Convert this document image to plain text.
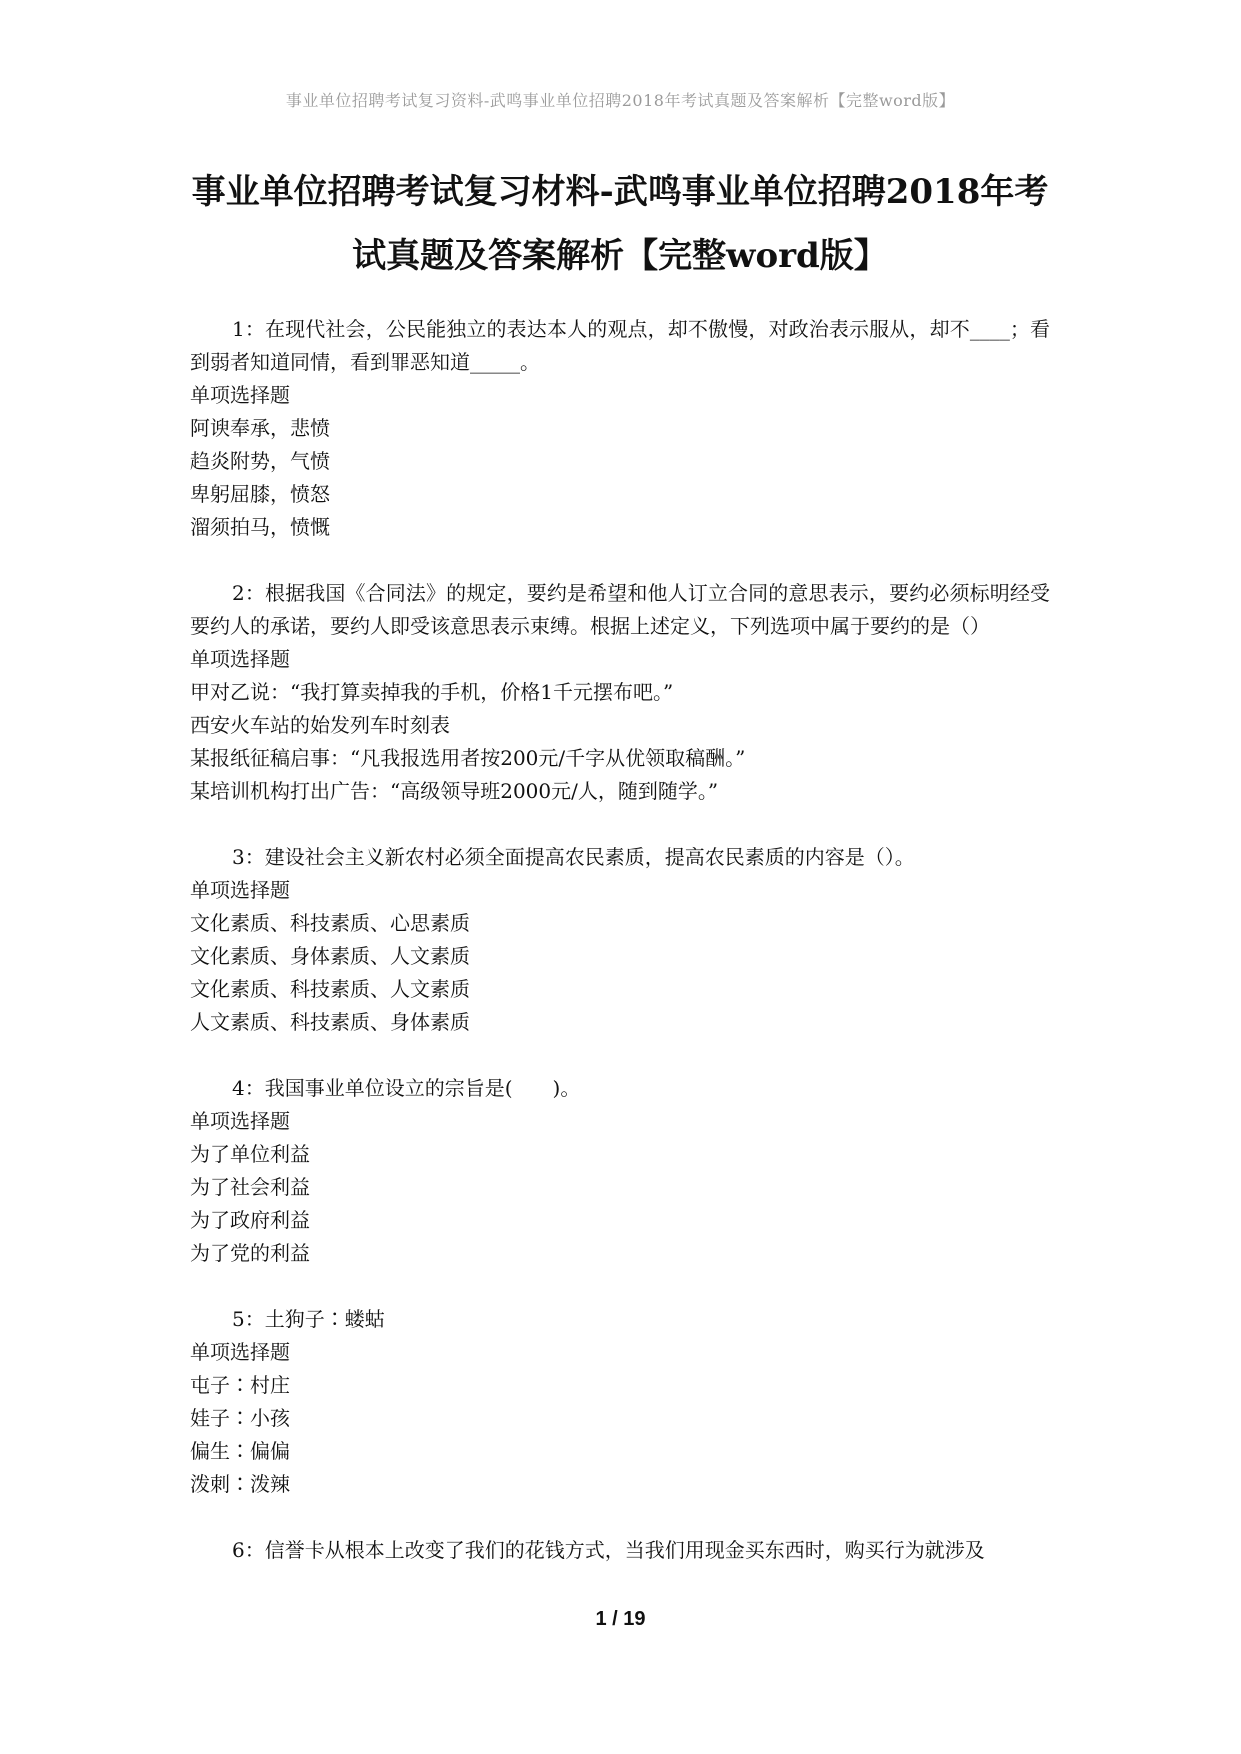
事业单位招聘考试复习资料-武鸣事业单位招聘2018年考试真题及答案解析【完整word版】
事业单位招聘考试复习材料-武鸣事业单位招聘2018年考
试真题及答案解析【完整word版】

1：在现代社会，公民能独立的表达本人的观点，却不傲慢，对政治表示服从，却不____；看到弱者知道同情，看到罪恶知道_____。

单项选择题

阿谀奉承，悲愤

趋炎附势，气愤

卑躬屈膝，愤怒

溜须拍马，愤慨

2：根据我国《合同法》的规定，要约是希望和他人订立合同的意思表示，要约必须标明经受要约人的承诺，要约人即受该意思表示束缚。根据上述定义，下列选项中属于要约的是（）

单项选择题

甲对乙说：“我打算卖掉我的手机，价格1千元摆布吧。”

西安火车站的始发列车时刻表

某报纸征稿启事：“凡我报选用者按200元/千字从优领取稿酬。”

某培训机构打出广告：“高级领导班2000元/人，随到随学。”

3：建设社会主义新农村必须全面提高农民素质，提高农民素质的内容是（）。

单项选择题

文化素质、科技素质、心思素质

文化素质、身体素质、人文素质

文化素质、科技素质、人文素质

人文素质、科技素质、身体素质

4：我国事业单位设立的宗旨是(　　)。

单项选择题

为了单位利益

为了社会利益

为了政府利益

为了党的利益

5：土狗子∶蝼蛄

单项选择题

屯子∶村庄

娃子∶小孩

偏生∶偏偏

泼刺∶泼辣

6：信誉卡从根本上改变了我们的花钱方式，当我们用现金买东西时，购买行为就涉及

1 / 19
